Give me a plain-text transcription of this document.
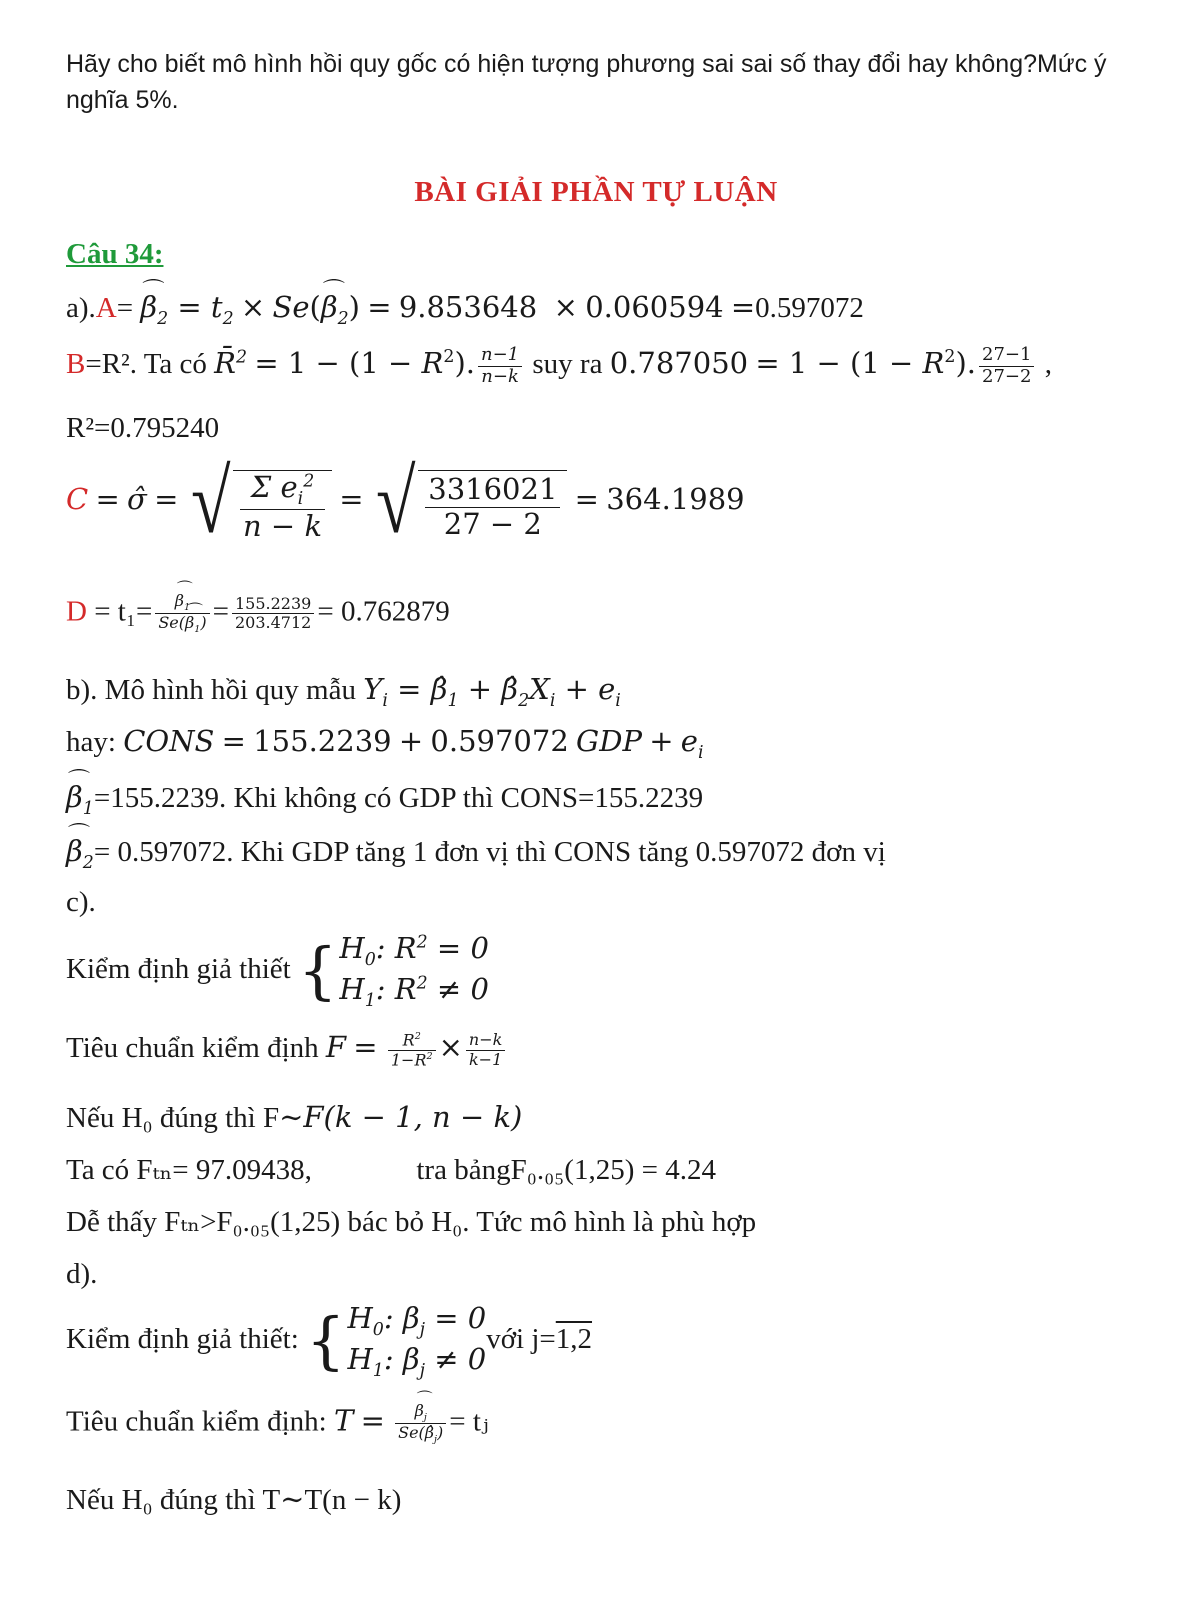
Hãy cho biết mô hình hồi quy gốc có hiện tượng phương sai sai số thay đổi hay không?Mức ý nghĩa 5%.
BÀI GIẢI PHẦN TỰ LUẬN
Câu 34:
a).A= ⌒ $\beta_2 = t_2$ × Se(⌒ $\beta_2) = 9.853648 \times 0.060594 =0.597072$
B=R². Ta có R̄$^2$ = $1 - (1 - R^2)$. $\frac{n-1}{n-k}$ suy ra $0.787050 = 1 - (1 - R^2)$. $\frac{27-1}{27-2}$ ,
R²=0.795240
C = σ̂ = √ $\frac{\Sigma e_i^2}{n - k}$ = √ $\frac{3316021}{27 - 2} = 364.1989$
D = t₁= ⌒ $\frac{\beta_1}{Se(⌒ \beta_1)} = \frac{155.2239}{203.4712} = 0.762879$
b). Mô hình hồi quy mẫu $Y_i$ = $\betâ_1$ + $\betâ_2X_i + e_i$
hay: CONS = 155.2239 + 0.597072 GDP + $e_i$
⌒ $\beta_1=155.2239$. Khi không có GDP thì CONS=155.2239
⌒ $\beta_2= 0.597072$. Khi GDP tăng 1 đơn vị thì CONS tăng 0.597072 đơn vị
c).
Kiểm định giả thiết { $H_0$: $R^2 = 0$
$H_1$: $R^2 \ne 0$
Tiêu chuẩn kiểm định $F = \frac{R^2}{1-R^2} \times \frac{n-k}{k-1}$
Nếu H₀ đúng thì F∼F(k − 1, n − k)
Ta có Fₜₙ= 97.09438,	tra bảngF₀.₀₅(1,25) = 4.24
Dễ thấy Fₜₙ>F₀.₀₅(1,25) bác bỏ H₀. Tức mô hình là phù hợp
d).
Kiểm định giả thiết: { $H_0$: $\beta_j = 0$
$H_1$: $\beta_j \ne 0$
với j=1,2
Tiêu chuẩn kiểm định: T = ⌒ $\frac{\beta_j}{Se(\betâ_j)}$ = tⱼ
Nếu H₀ đúng thì T∼T(n − k)
